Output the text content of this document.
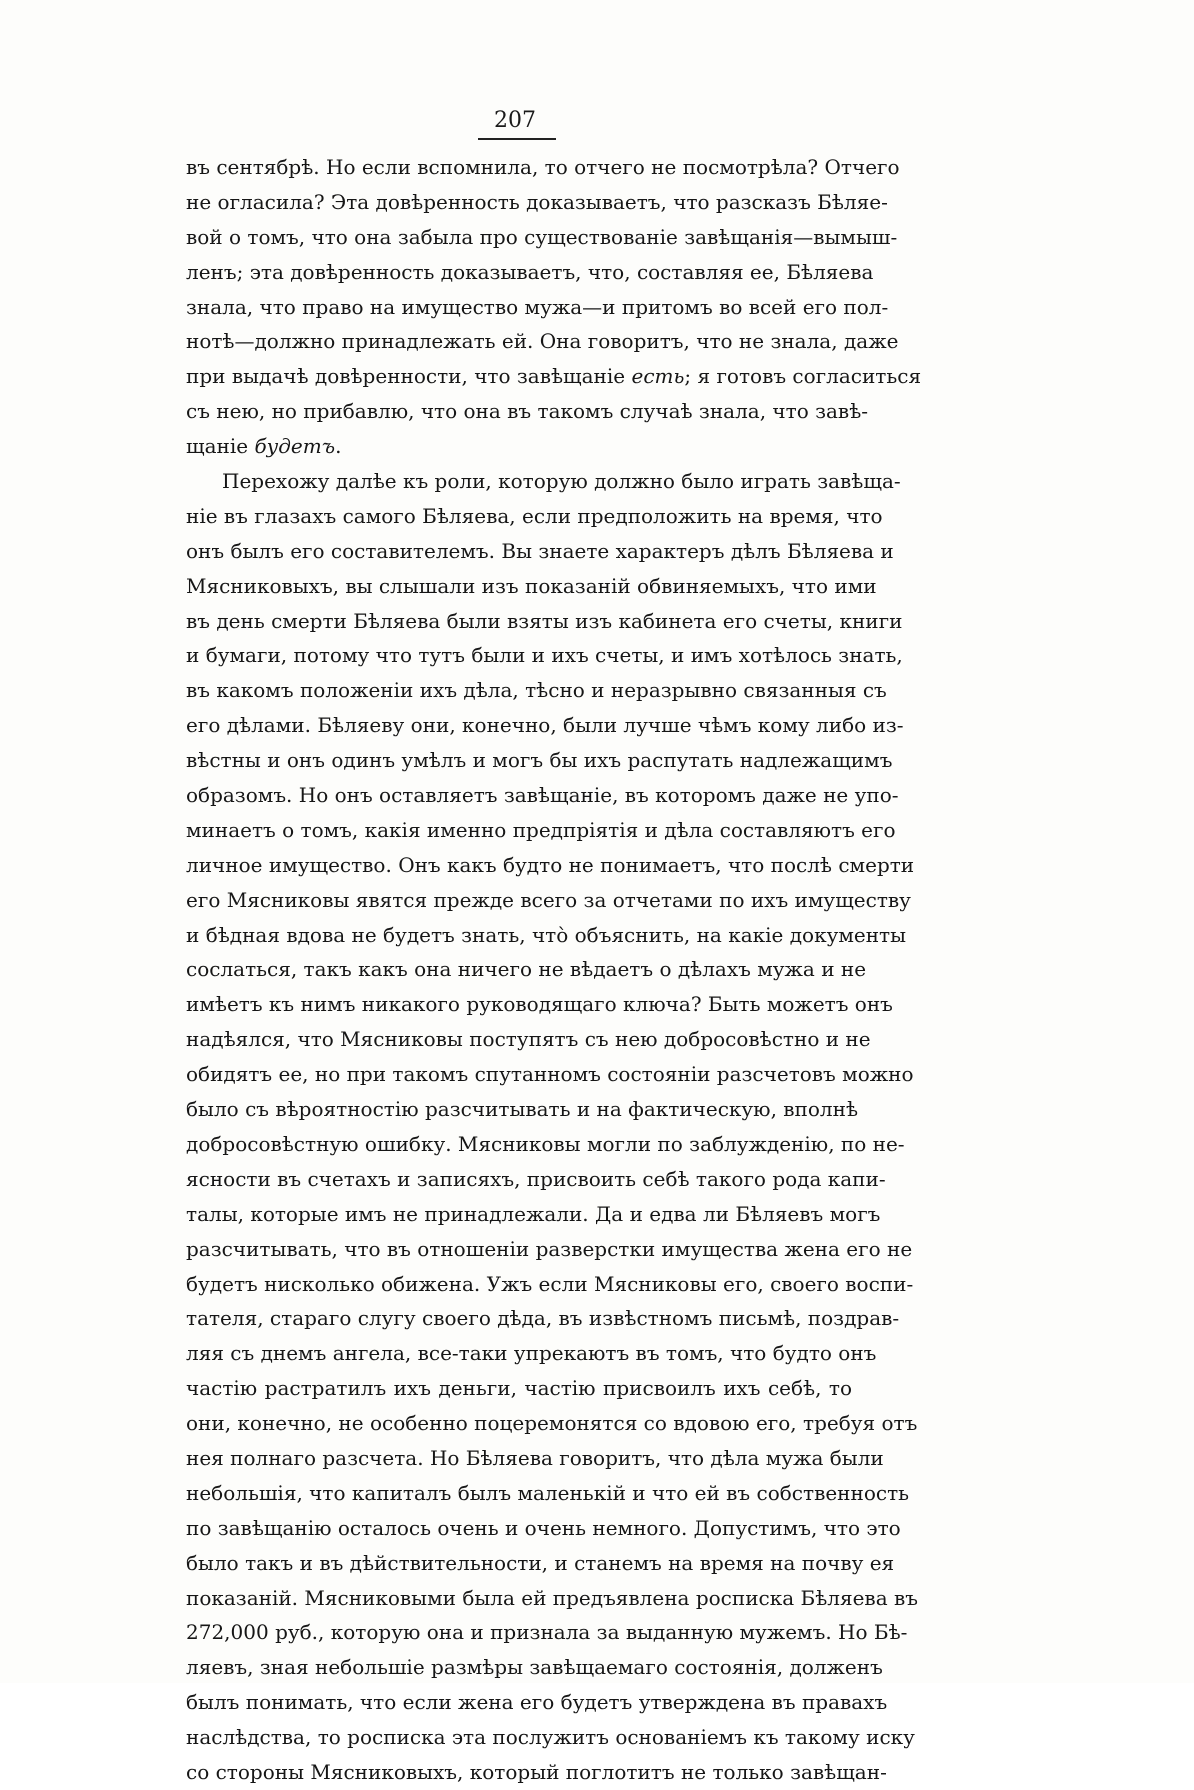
207
въ сентябрѣ. Но если вспомнила, то отчего не посмотрѣла? Отчего
не огласила? Эта довѣренность доказываетъ, что разсказъ Бѣляе-
вой о томъ, что она забыла про существованіе завѣщанія—вымыш-
ленъ; эта довѣренность доказываетъ, что, составляя ее, Бѣляева
знала, что право на имущество мужа—и притомъ во всей его пол-
нотѣ—должно принадлежать ей. Она говоритъ, что не знала, даже
при выдачѣ довѣренности, что завѣщаніе есть; я готовъ согласиться
съ нею, но прибавлю, что она въ такомъ случаѣ знала, что завѣ-
щаніе будетъ.
Перехожу далѣе къ роли, которую должно было играть завѣща-
ніе въ глазахъ самого Бѣляева, если предположить на время, что
онъ былъ его составителемъ. Вы знаете характеръ дѣлъ Бѣляева и
Мясниковыхъ, вы слышали изъ показаній обвиняемыхъ, что ими
въ день смерти Бѣляева были взяты изъ кабинета его счеты, книги
и бумаги, потому что тутъ были и ихъ счеты, и имъ хотѣлось знать,
въ какомъ положеніи ихъ дѣла, тѣсно и неразрывно связанныя съ
его дѣлами. Бѣляеву они, конечно, были лучше чѣмъ кому либо из-
вѣстны и онъ одинъ умѣлъ и могъ бы ихъ распутать надлежащимъ
образомъ. Но онъ оставляетъ завѣщаніе, въ которомъ даже не упо-
минаетъ о томъ, какія именно предпріятія и дѣла составляютъ его
личное имущество. Онъ какъ будто не понимаетъ, что послѣ смерти
его Мясниковы явятся прежде всего за отчетами по ихъ имуществу
и бѣдная вдова не будетъ знать, что̀ объяснить, на какіе документы
сослаться, такъ какъ она ничего не вѣдаетъ о дѣлахъ мужа и не
имѣетъ къ нимъ никакого руководящаго ключа? Быть можетъ онъ
надѣялся, что Мясниковы поступятъ съ нею добросовѣстно и не
обидятъ ее, но при такомъ спутанномъ состояніи разсчетовъ можно
было съ вѣроятностію разсчитывать и на фактическую, вполнѣ
добросовѣстную ошибку. Мясниковы могли по заблужденію, по не-
ясности въ счетахъ и записяхъ, присвоить себѣ такого рода капи-
талы, которые имъ не принадлежали. Да и едва ли Бѣляевъ могъ
разсчитывать, что въ отношеніи разверстки имущества жена его не
будетъ нисколько обижена. Ужъ если Мясниковы его, своего воспи-
тателя, стараго слугу своего дѣда, въ извѣстномъ письмѣ, поздрав-
ляя съ днемъ ангела, все-таки упрекаютъ въ томъ, что будто онъ
частію растратилъ ихъ деньги, частію присвоилъ ихъ себѣ, то
они, конечно, не особенно поцеремонятся со вдовою его, требуя отъ
нея полнаго разсчета. Но Бѣляева говоритъ, что дѣла мужа были
небольшія, что капиталъ былъ маленькій и что ей въ собственность
по завѣщанію осталось очень и очень немного. Допустимъ, что это
было такъ и въ дѣйствительности, и станемъ на время на почву ея
показаній. Мясниковыми была ей предъявлена росписка Бѣляева въ
272,000 руб., которую она и признала за выданную мужемъ. Но Бѣ-
ляевъ, зная небольшіе размѣры завѣщаемаго состоянія, долженъ
былъ понимать, что если жена его будетъ утверждена въ правахъ
наслѣдства, то росписка эта послужитъ основаніемъ къ такому иску
со стороны Мясниковыхъ, который поглотитъ не только завѣщан-
